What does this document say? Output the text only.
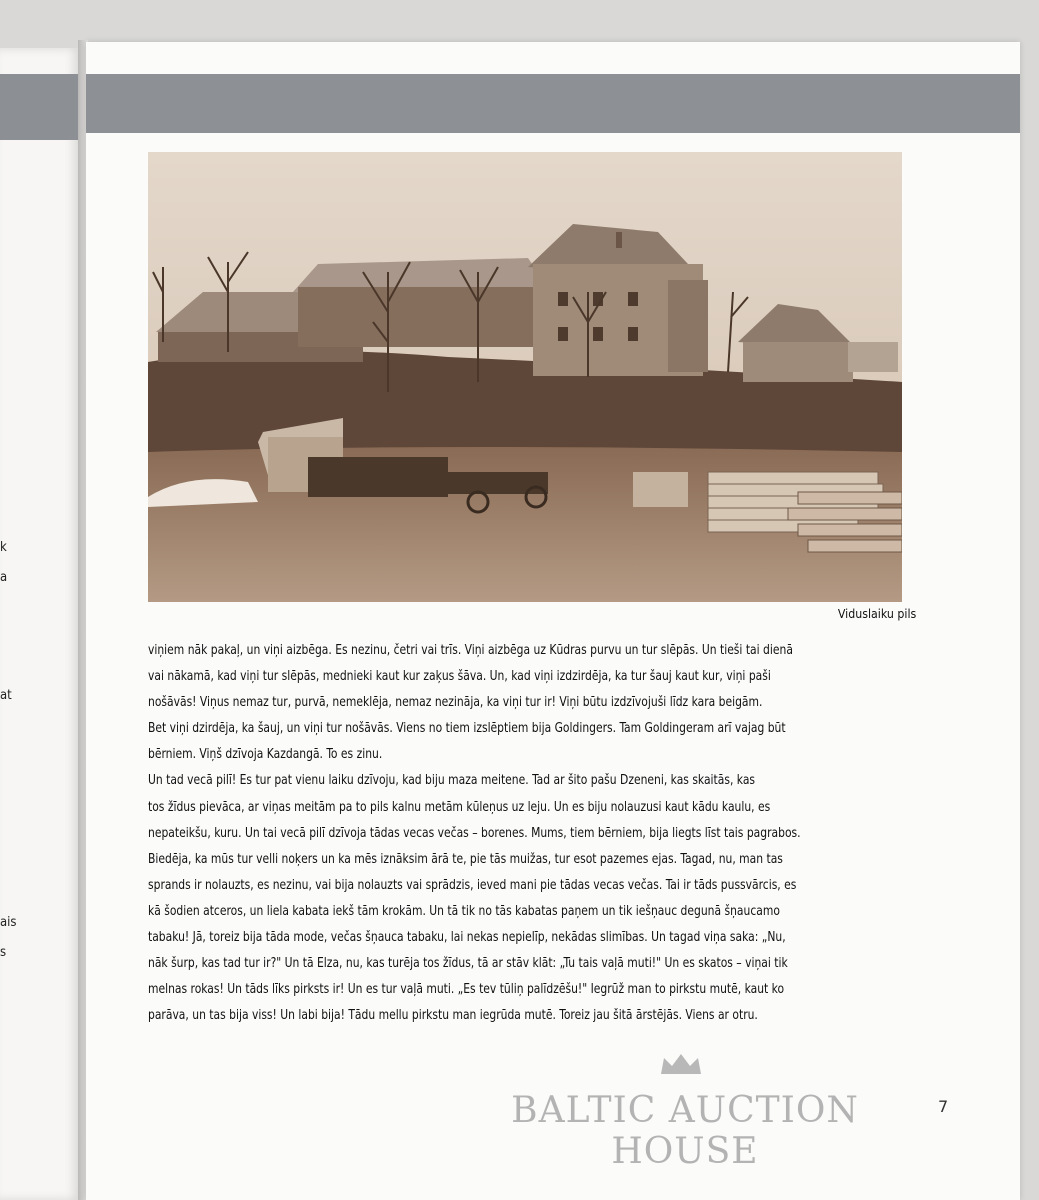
k
a
at
ais
s
Viduslaiku pils
viņiem nāk pakaļ, un viņi aizbēga. Es nezinu, četri vai trīs. Viņi aizbēga uz Kūdras purvu un tur slēpās. Un tieši tai dienā
vai nākamā, kad viņi tur slēpās, mednieki kaut kur zaķus šāva. Un, kad viņi izdzirdēja, ka tur šauj kaut kur, viņi paši
nošāvās! Viņus nemaz tur, purvā, nemeklēja, nemaz nezināja, ka viņi tur ir! Viņi būtu izdzīvojuši līdz kara beigām.
Bet viņi dzirdēja, ka šauj, un viņi tur nošāvās. Viens no tiem izslēptiem bija Goldingers. Tam Goldingeram arī vajag būt
bērniem. Viņš dzīvoja Kazdangā. To es zinu.
Un tad vecā pilī! Es tur pat vienu laiku dzīvoju, kad biju maza meitene. Tad ar šito pašu Dzeneni, kas skaitās, kas
tos žīdus pievāca, ar viņas meitām pa to pils kalnu metām kūleņus uz leju. Un es biju nolauzusi kaut kādu kaulu, es
nepateikšu, kuru. Un tai vecā pilī dzīvoja tādas vecas večas – borenes. Mums, tiem bērniem, bija liegts līst tais pagrabos.
Biedēja, ka mūs tur velli noķers un ka mēs iznāksim ārā te, pie tās muižas, tur esot pazemes ejas. Tagad, nu, man tas
sprands ir nolauzts, es nezinu, vai bija nolauzts vai sprādzis, ieved mani pie tādas vecas večas. Tai ir tāds pussvārcis, es
kā šodien atceros, un liela kabata iekš tām krokām. Un tā tik no tās kabatas paņem un tik iešņauc degunā šņaucamo
tabaku! Jā, toreiz bija tāda mode, večas šņauca tabaku, lai nekas nepielīp, nekādas slimības. Un tagad viņa saka: „Nu,
nāk šurp, kas tad tur ir?" Un tā Elza, nu, kas turēja tos žīdus, tā ar stāv klāt: „Tu tais vaļā muti!" Un es skatos – viņai tik
melnas rokas! Un tāds līks pirksts ir! Un es tur vaļā muti. „Es tev tūliņ palīdzēšu!" Iegrūž man to pirkstu mutē, kaut ko
parāva, un tas bija viss! Un labi bija! Tādu mellu pirkstu man iegrūda mutē. Toreiz jau šitā ārstējās. Viens ar otru.
7
BALTIC AUCTION HOUSE
